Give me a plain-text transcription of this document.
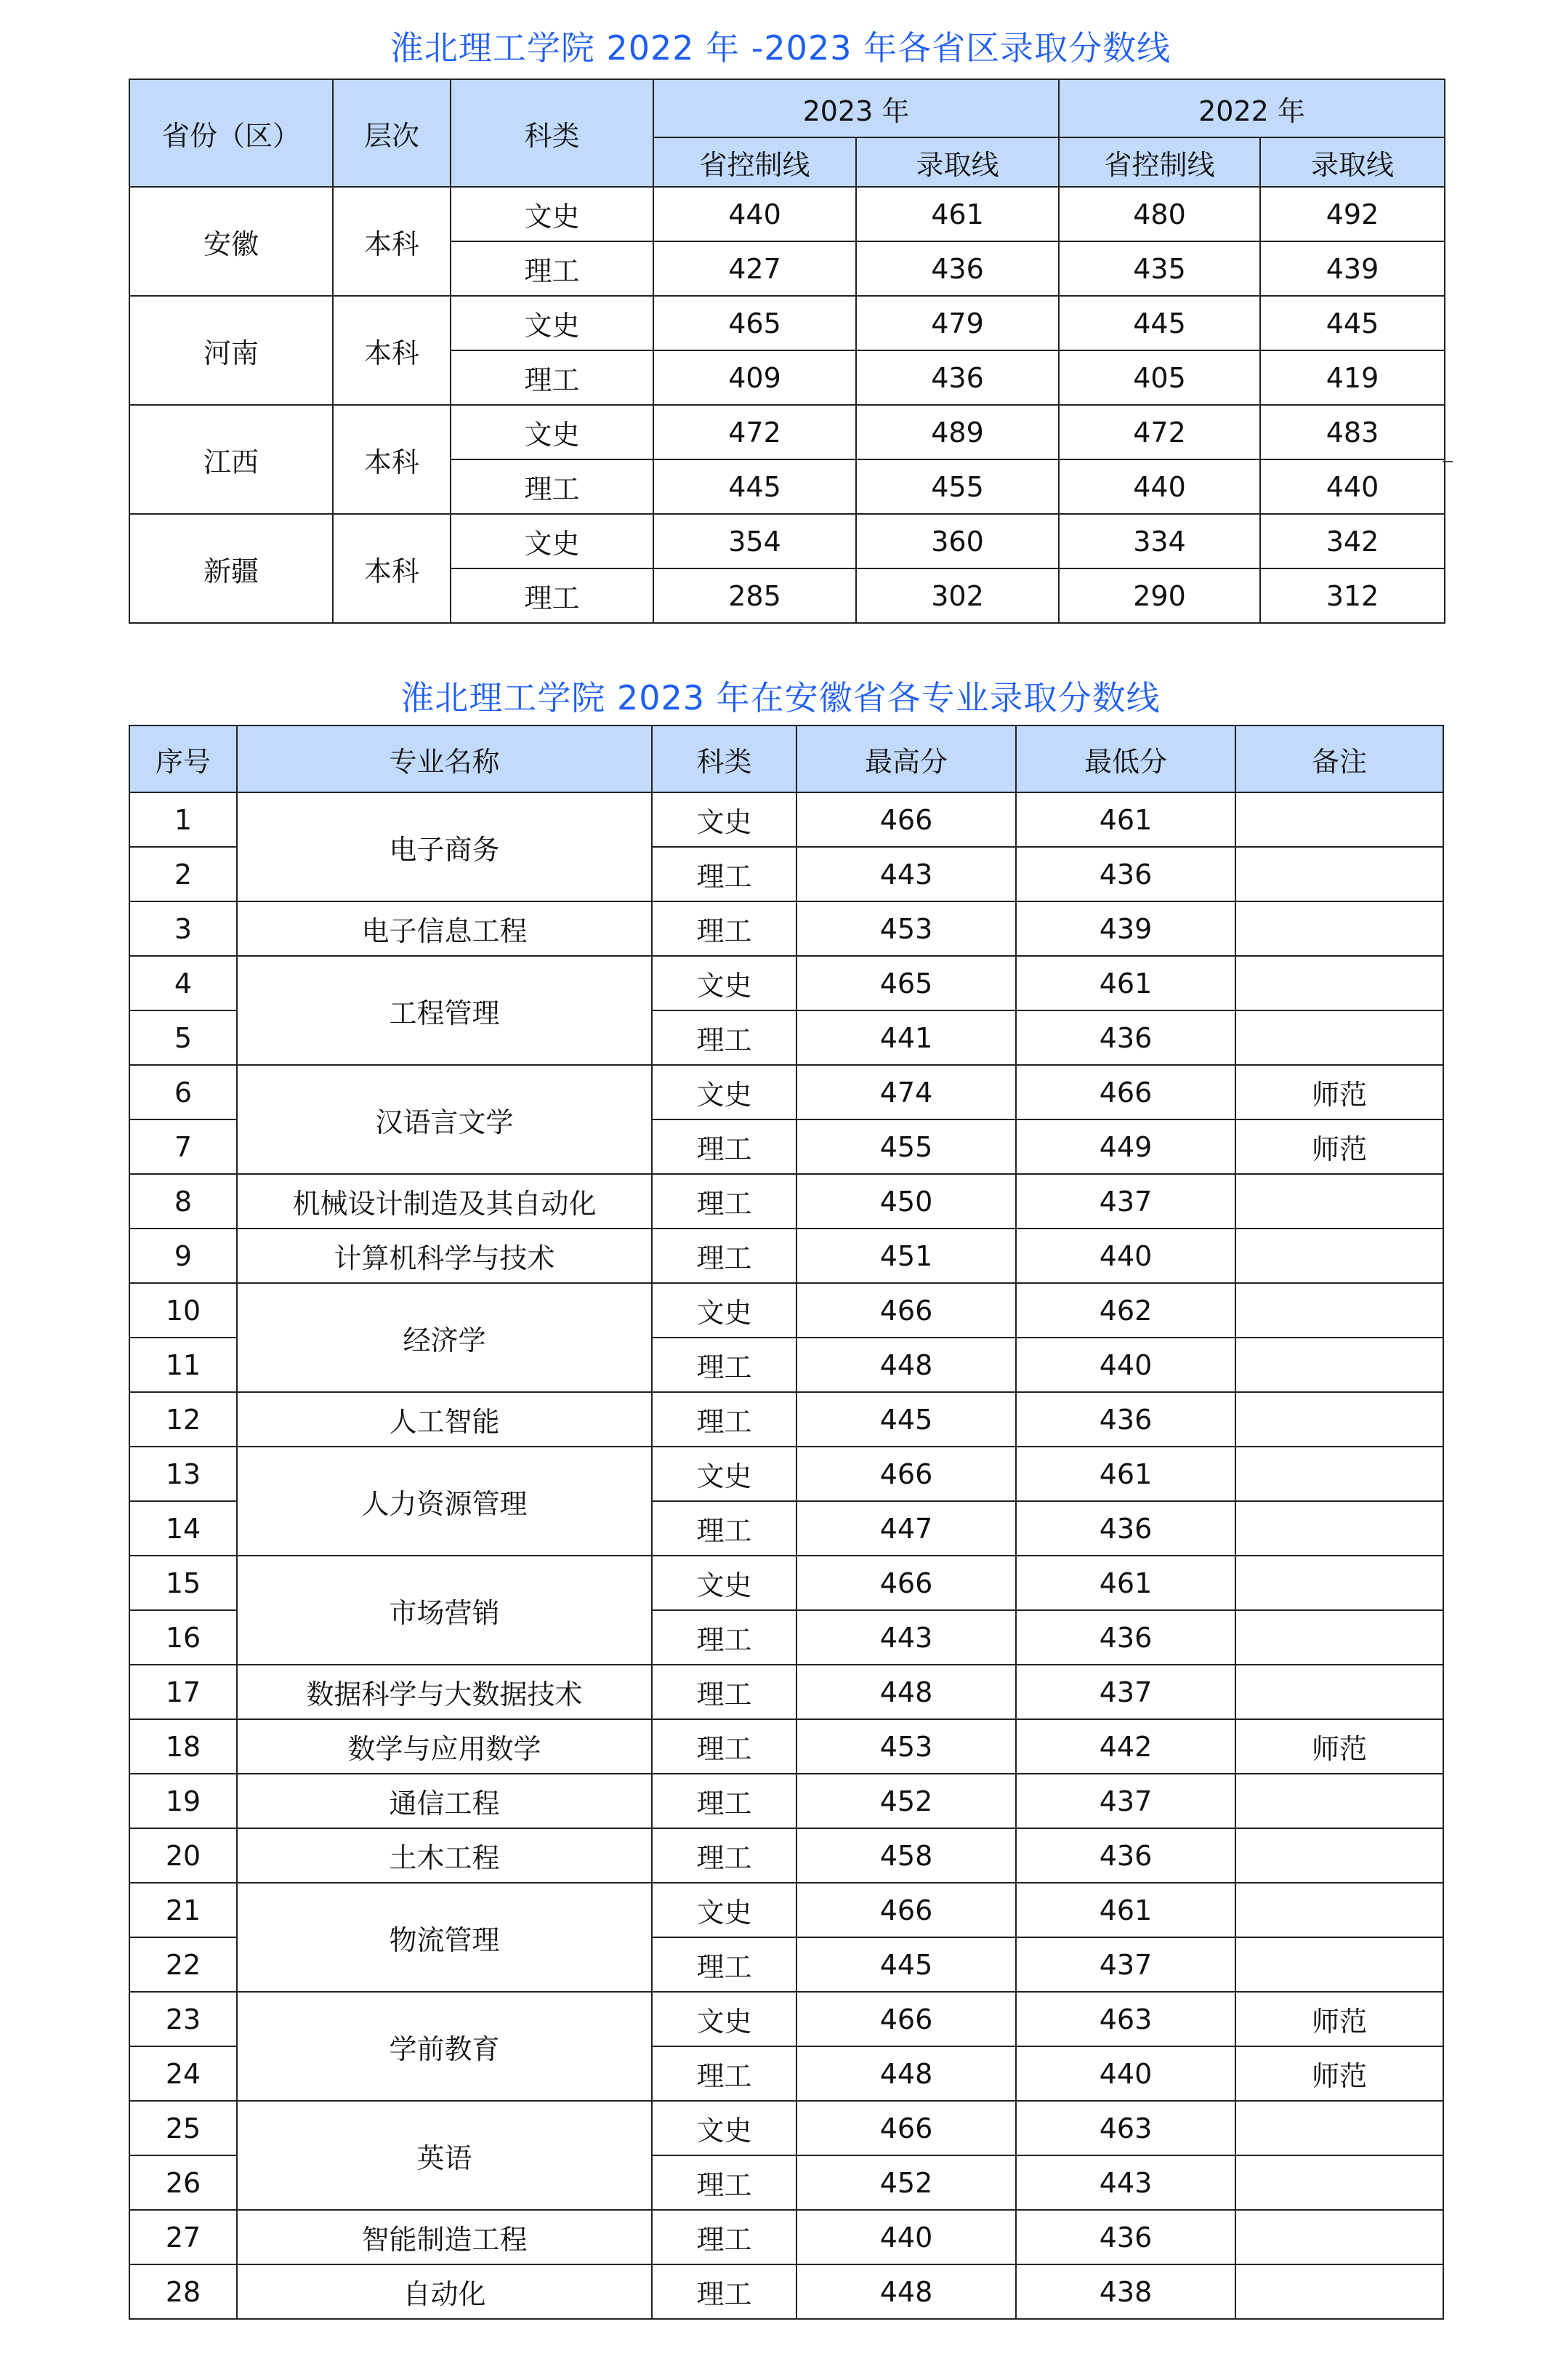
淮北理工学院 2022 年 -2023 年各省区录取分数线
省份（区）	层次	科类	2023 年		2022 年	
			省控制线	录取线	省控制线	录取线
安徽	本科	文史	440	461	480	492
		理工	427	436	435	439
河南	本科	文史	465	479	445	445
		理工	409	436	405	419
江西	本科	文史	472	489	472	483
		理工	445	455	440	440
新疆	本科	文史	354	360	334	342
		理工	285	302	290	312
淮北理工学院 2023 年在安徽省各专业录取分数线
序号	专业名称	科类	最高分	最低分	备注
1	电子商务	文史	466	461	
2		理工	443	436	
3	电子信息工程	理工	453	439	
4	工程管理	文史	465	461	
5		理工	441	436	
6	汉语言文学	文史	474	466	师范
7		理工	455	449	师范
8	机械设计制造及其自动化	理工	450	437	
9	计算机科学与技术	理工	451	440	
10	经济学	文史	466	462	
11		理工	448	440	
12	人工智能	理工	445	436	
13	人力资源管理	文史	466	461	
14		理工	447	436	
15	市场营销	文史	466	461	
16		理工	443	436	
17	数据科学与大数据技术	理工	448	437	
18	数学与应用数学	理工	453	442	师范
19	通信工程	理工	452	437	
20	土木工程	理工	458	436	
21	物流管理	文史	466	461	
22		理工	445	437	
23	学前教育	文史	466	463	师范
24		理工	448	440	师范
25	英语	文史	466	463	
26		理工	452	443	
27	智能制造工程	理工	440	436	
28	自动化	理工	448	438	
